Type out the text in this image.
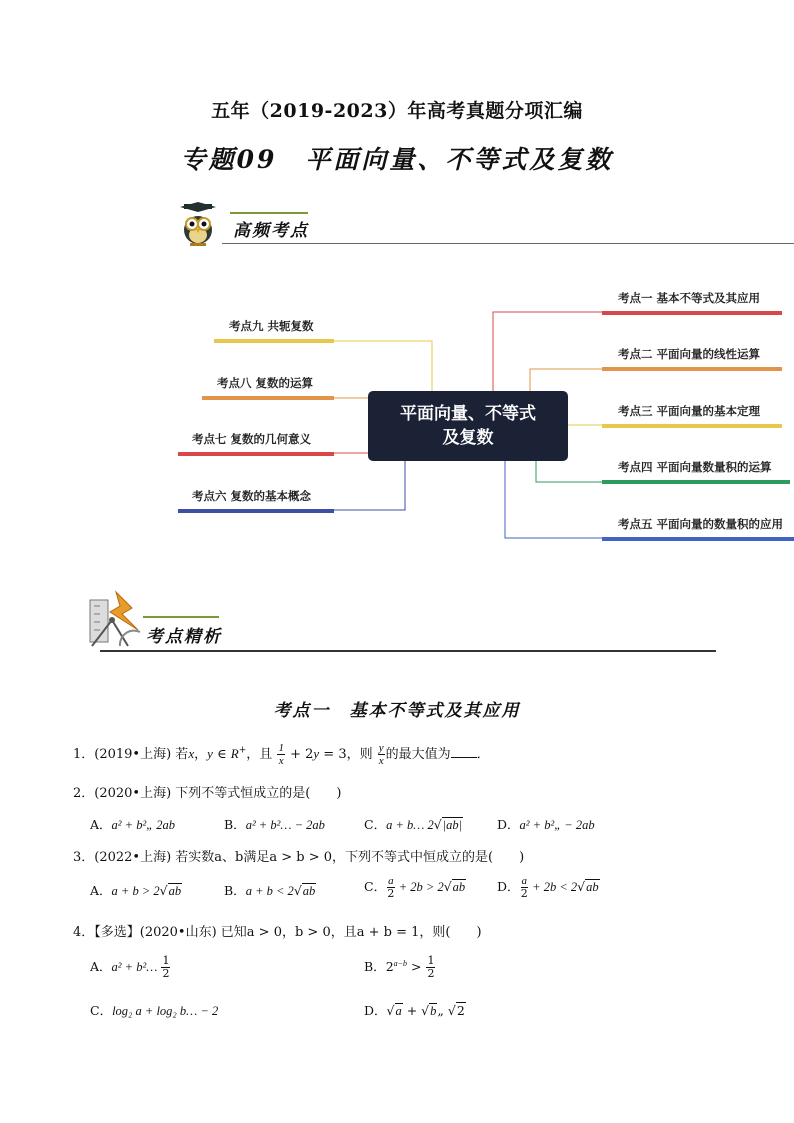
五年（2019-2023）年高考真题分项汇编
专题09　平面向量、不等式及复数
高频考点
平面向量、不等式
及复数
考点九 共轭复数
考点八 复数的运算
考点七 复数的几何意义
考点六 复数的基本概念
考点一 基本不等式及其应用
考点二 平面向量的线性运算
考点三 平面向量的基本定理
考点四 平面向量数量积的运算
考点五 平面向量的数量积的应用
考点精析
考点一　基本不等式及其应用
1．(2019•上海) 若x，y ∈ R+，且 $\frac{1}{x} + 2y = 3$，则 $\frac{y}{x}$ 的最大值为 ．
2．(2020•上海) 下列不等式恒成立的是(　　)
A．a² + b²„ 2ab	B．a² + b²… − 2ab	C．a + b… 2√|ab|	D．a² + b²„ − 2ab
3．(2022•上海) 若实数a、b满足a > b > 0，下列不等式中恒成立的是(　　)
A．a + b > 2√ab	B．a + b < 2√ab	C． $\frac{a}{2} + 2b > 2√ab$	D． $\frac{a}{2} + 2b < 2√ab$
4．【多选】(2020•山东) 已知a > 0，b > 0，且a + b = 1，则(　　)
A．a² + b²… $\frac{1}{2}$	B．$2^{a-b} > \frac{1}{2}$
C．log₂ a + log₂ b… − 2	D．√a + √b„ √2
